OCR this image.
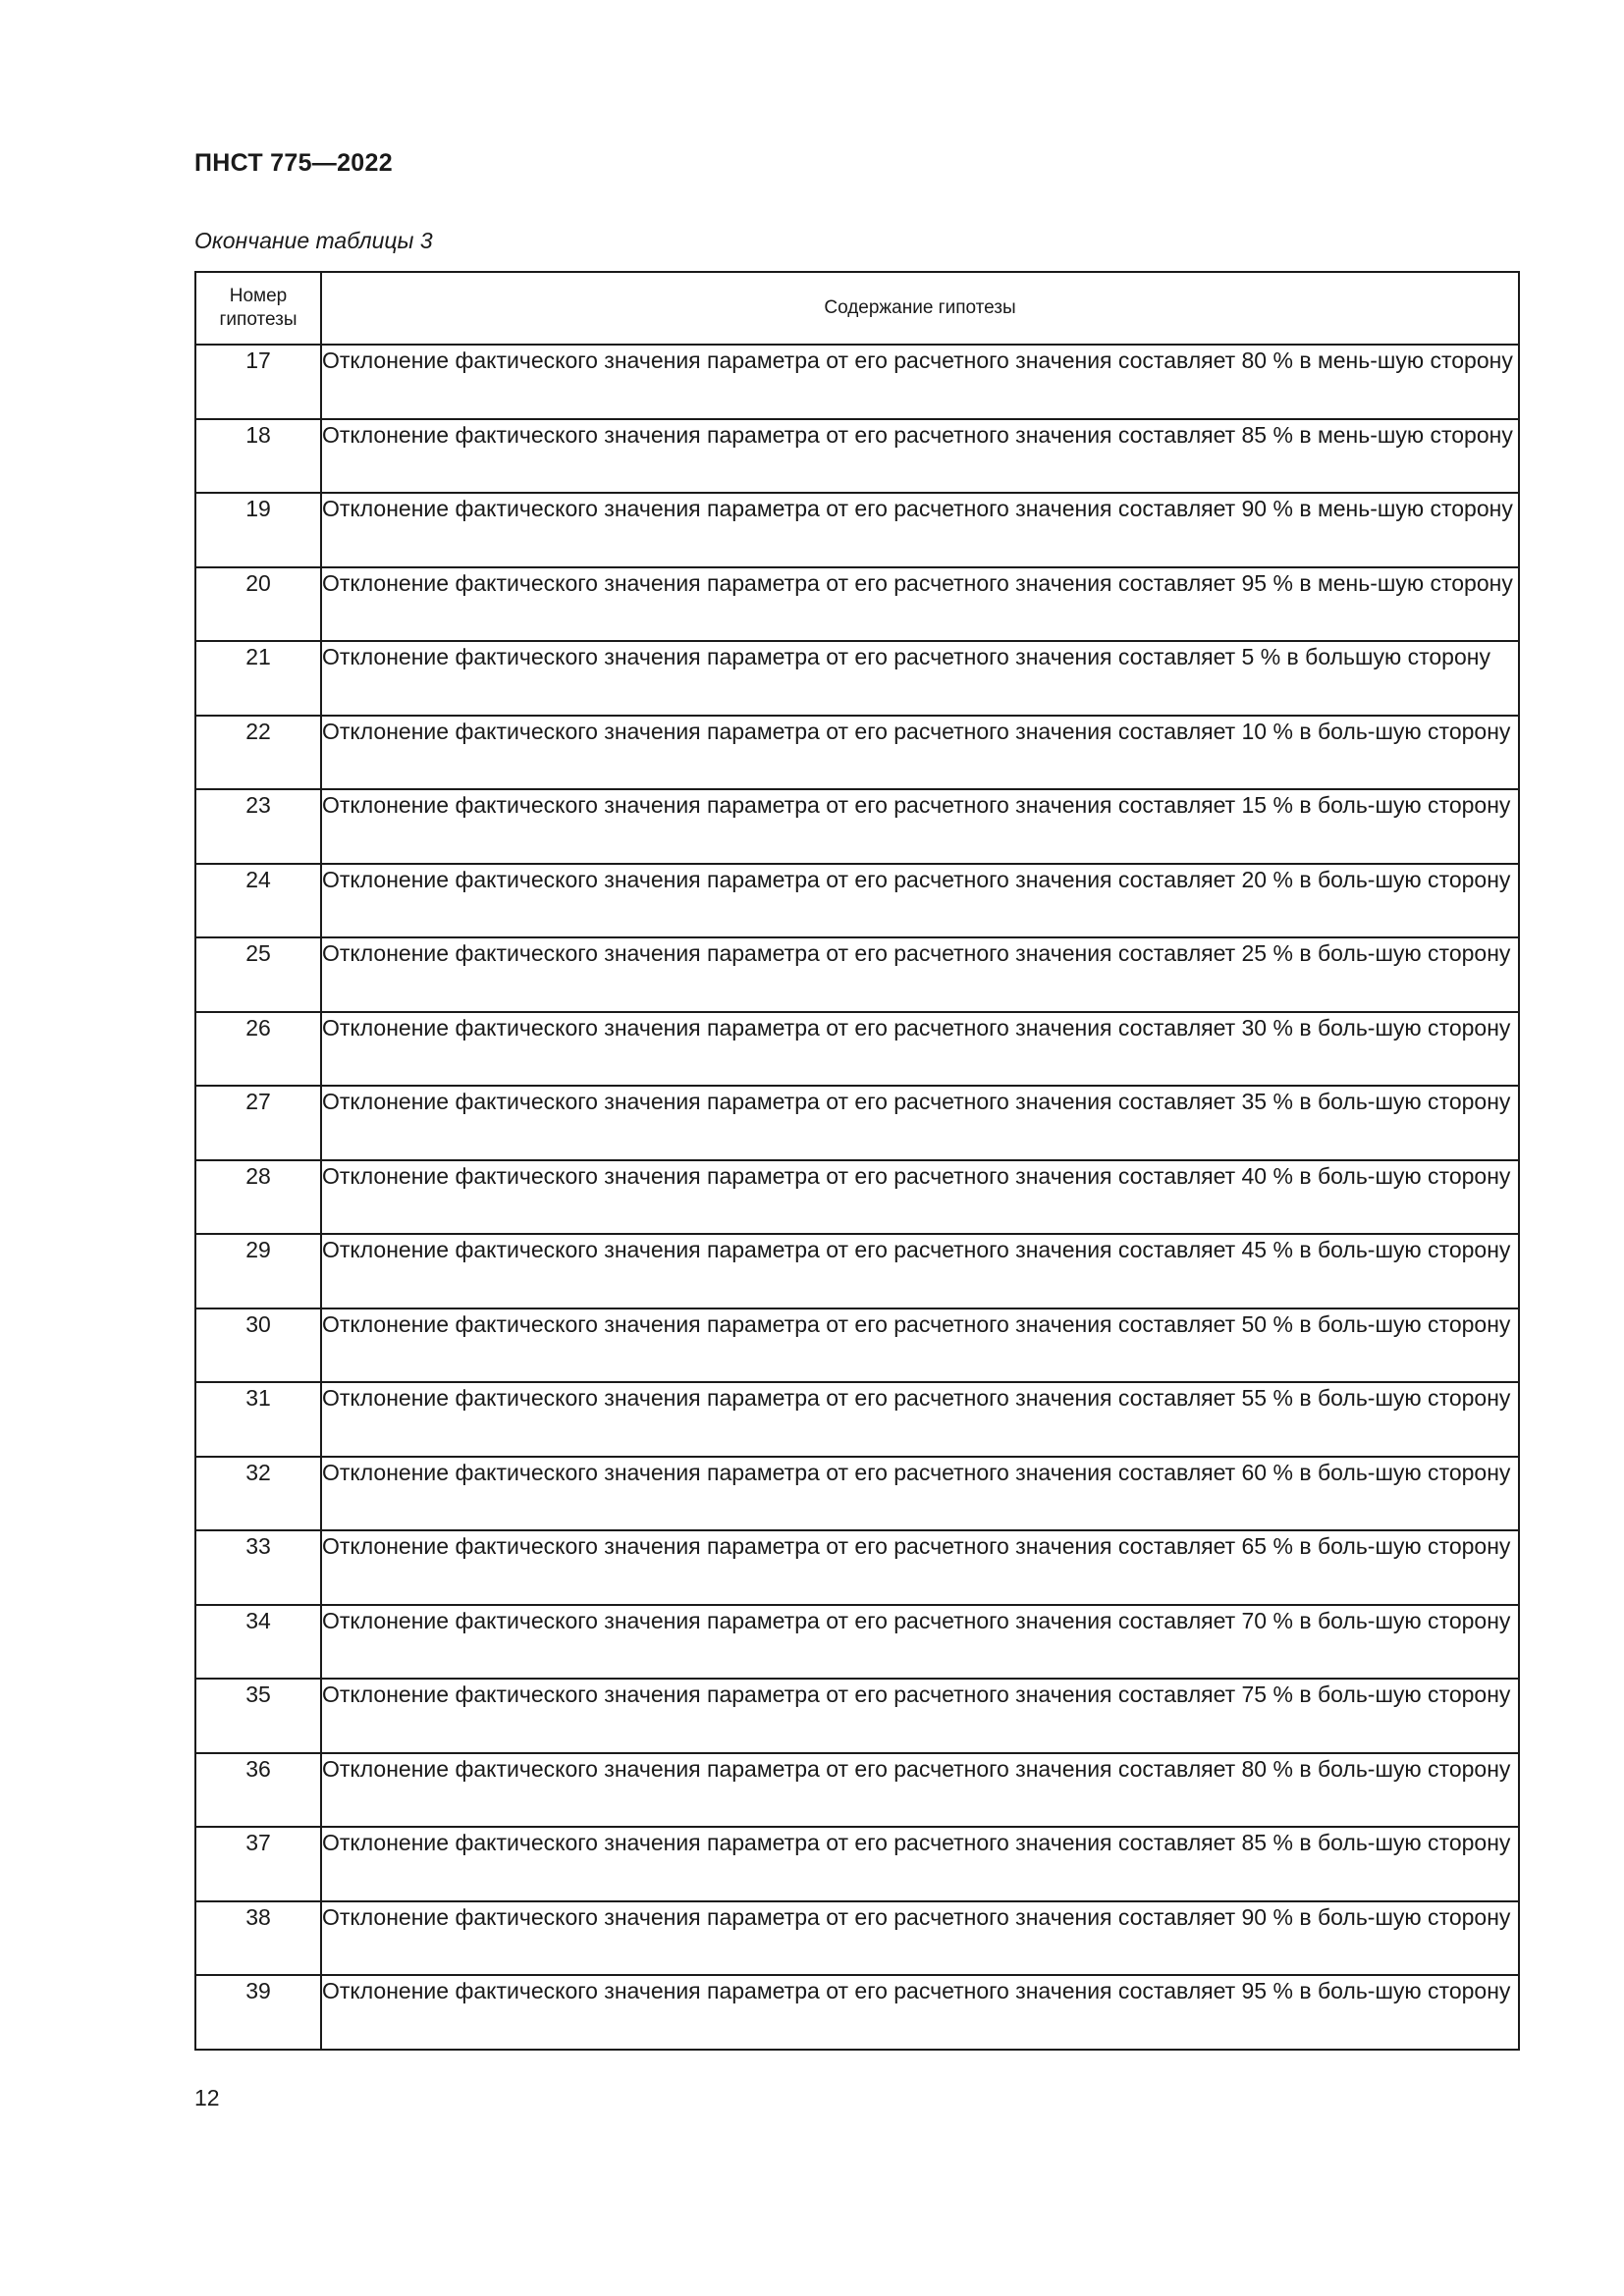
ПНСТ 775—2022

Окончание таблицы 3

Номер гипотезы	Содержание гипотезы
17	Отклонение фактического значения параметра от его расчетного значения составляет 80 % в мень-шую сторону
18	Отклонение фактического значения параметра от его расчетного значения составляет 85 % в мень-шую сторону
19	Отклонение фактического значения параметра от его расчетного значения составляет 90 % в мень-шую сторону
20	Отклонение фактического значения параметра от его расчетного значения составляет 95 % в мень-шую сторону
21	Отклонение фактического значения параметра от его расчетного значения составляет 5 % в большую сторону
22	Отклонение фактического значения параметра от его расчетного значения составляет 10 % в боль-шую сторону
23	Отклонение фактического значения параметра от его расчетного значения составляет 15 % в боль-шую сторону
24	Отклонение фактического значения параметра от его расчетного значения составляет 20 % в боль-шую сторону
25	Отклонение фактического значения параметра от его расчетного значения составляет 25 % в боль-шую сторону
26	Отклонение фактического значения параметра от его расчетного значения составляет 30 % в боль-шую сторону
27	Отклонение фактического значения параметра от его расчетного значения составляет 35 % в боль-шую сторону
28	Отклонение фактического значения параметра от его расчетного значения составляет 40 % в боль-шую сторону
29	Отклонение фактического значения параметра от его расчетного значения составляет 45 % в боль-шую сторону
30	Отклонение фактического значения параметра от его расчетного значения составляет 50 % в боль-шую сторону
31	Отклонение фактического значения параметра от его расчетного значения составляет 55 % в боль-шую сторону
32	Отклонение фактического значения параметра от его расчетного значения составляет 60 % в боль-шую сторону
33	Отклонение фактического значения параметра от его расчетного значения составляет 65 % в боль-шую сторону
34	Отклонение фактического значения параметра от его расчетного значения составляет 70 % в боль-шую сторону
35	Отклонение фактического значения параметра от его расчетного значения составляет 75 % в боль-шую сторону
36	Отклонение фактического значения параметра от его расчетного значения составляет 80 % в боль-шую сторону
37	Отклонение фактического значения параметра от его расчетного значения составляет 85 % в боль-шую сторону
38	Отклонение фактического значения параметра от его расчетного значения составляет 90 % в боль-шую сторону
39	Отклонение фактического значения параметра от его расчетного значения составляет 95 % в боль-шую сторону

12
